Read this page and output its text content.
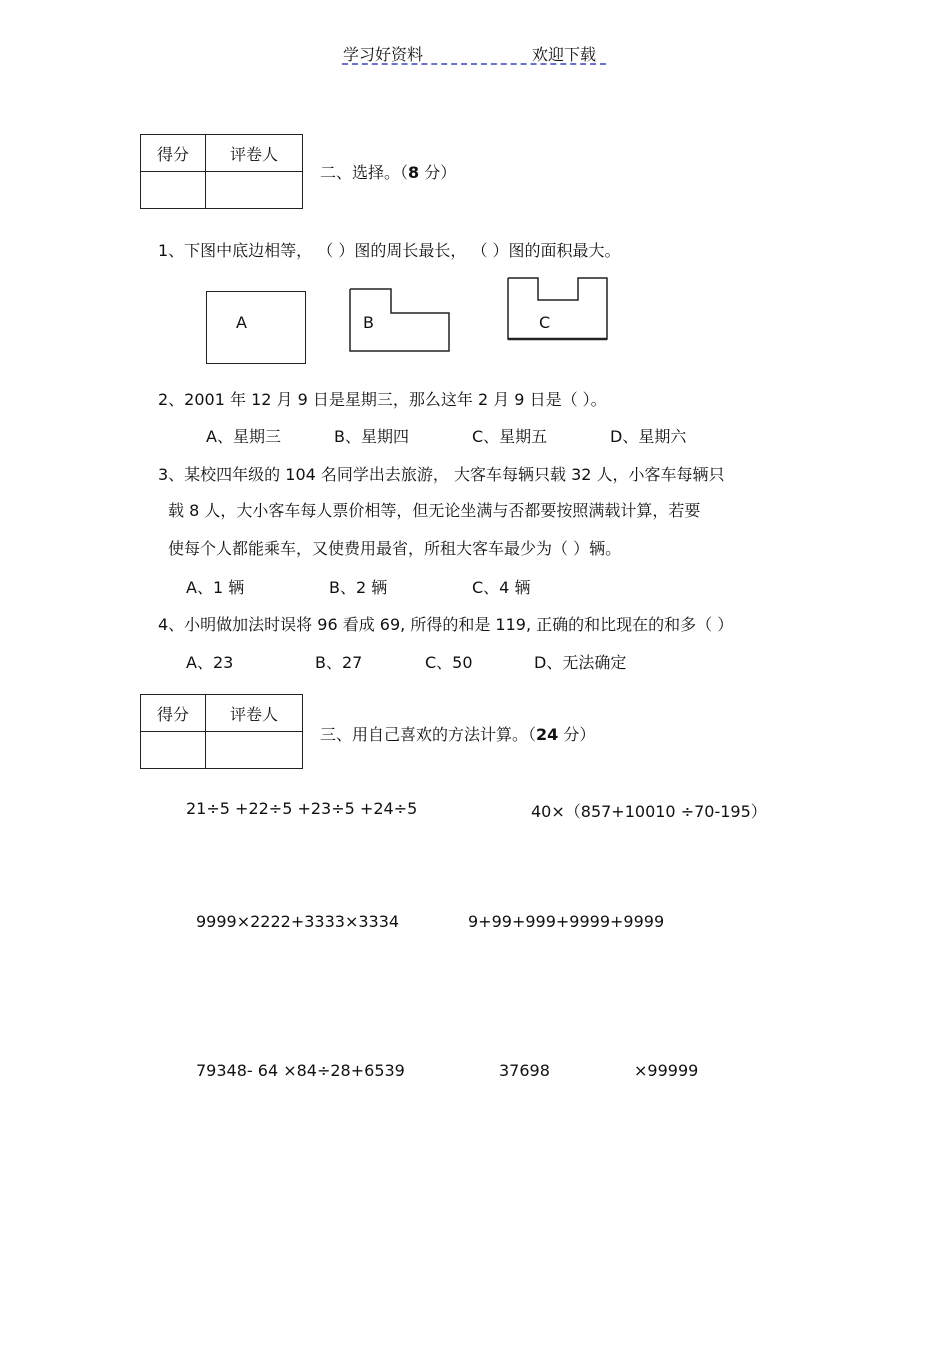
学习好资料	欢迎下载
得分	评卷人

二、选择。（8 分）
1、下图中底边相等， （ ）图的周长最长， （ ）图的面积最大。
A	B	C
2、2001 年 12 月 9 日是星期三，那么这年 2 月 9 日是（ ）。
A、星期三	B、星期四	C、星期五	D、星期六
3、某校四年级的 104 名同学出去旅游， 大客车每辆只载 32 人，小客车每辆只
载 8 人，大小客车每人票价相等，但无论坐满与否都要按照满载计算，若要
使每个人都能乘车，又使费用最省，所租大客车最少为（ ）辆。
A、1 辆	B、2 辆	C、4 辆
4、小明做加法时误将 96 看成 69, 所得的和是 119, 正确的和比现在的和多（ ）
A、23	B、27	C、50	D、无法确定
得分	评卷人

三、用自己喜欢的方法计算。（24 分）
21÷5 +22÷5 +23÷5 +24÷5	40×（857+10010 ÷70-195）
9999×2222+3333×3334	9+99+999+9999+9999
79348- 64 ×84÷28+6539	37698	×99999
